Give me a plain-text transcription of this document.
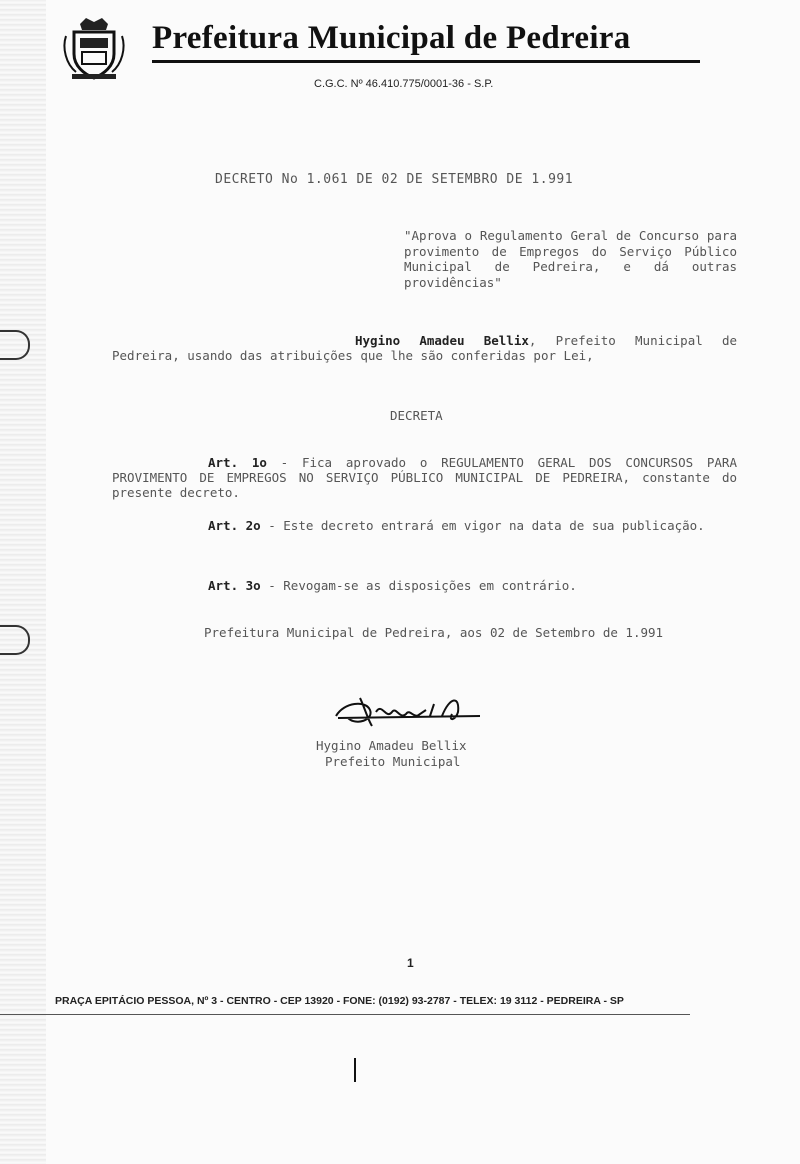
Prefeitura Municipal de Pedreira
C.G.C. Nº 46.410.775/0001-36 - S.P.
DECRETO No 1.061 DE 02 DE SETEMBRO DE 1.991
"Aprova o Regulamento Geral de Concurso para provimento de Empregos do Serviço Público Municipal de Pedreira, e dá outras providências"
Hygino Amadeu Bellix, Prefeito Municipal de Pedreira, usando das atribuições que lhe são conferidas por Lei,
DECRETA
Art. 1o - Fica aprovado o REGULAMENTO GERAL DOS CONCURSOS PARA PROVIMENTO DE EMPREGOS NO SERVIÇO PÚBLICO MUNICIPAL DE PEDREIRA, constante do presente decreto.
Art. 2o - Este decreto entrará em vigor na data de sua publicação.
Art. 3o - Revogam-se as disposições em contrário.
Prefeitura Municipal de Pedreira, aos 02 de Setembro de 1.991
Hygino Amadeu Bellix
Prefeito Municipal
1
PRAÇA EPITÁCIO PESSOA, Nº 3 - CENTRO - CEP 13920 - FONE: (0192) 93-2787 - TELEX: 19 3112 - PEDREIRA - SP
